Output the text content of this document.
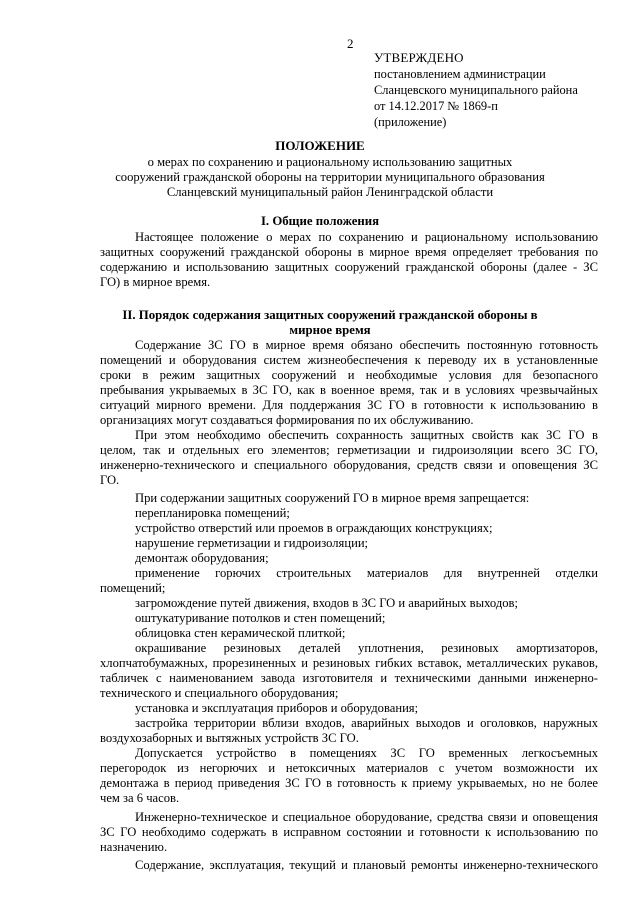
2
УТВЕРЖДЕНО
постановлением администрации
Сланцевского муниципального района
от 14.12.2017 № 1869-п
(приложение)
ПОЛОЖЕНИЕ
о мерах по сохранению и рациональному использованию защитных
сооружений гражданской обороны на территории муниципального образования
Сланцевский муниципальный район Ленинградской области
I. Общие положения
Настоящее положение о мерах по сохранению и рациональному использованию
защитных сооружений гражданской обороны в мирное время определяет требования по
содержанию и использованию защитных сооружений гражданской обороны (далее - ЗС
ГО) в мирное время.
II. Порядок содержания защитных сооружений гражданской обороны в
мирное время
Содержание ЗС ГО в мирное время обязано обеспечить постоянную готовность
помещений и оборудования систем жизнеобеспечения к переводу их в установленные
сроки в режим защитных сооружений и необходимые условия для безопасного
пребывания укрываемых в ЗС ГО, как в военное время, так и в условиях чрезвычайных
ситуаций мирного времени. Для поддержания ЗС ГО в готовности к использованию в
организациях могут создаваться формирования по их обслуживанию.
При этом необходимо обеспечить сохранность защитных свойств как ЗС ГО в
целом, так и отдельных его элементов; герметизации и гидроизоляции всего ЗС ГО,
инженерно-технического и специального оборудования, средств связи и оповещения ЗС
ГО.
При содержании защитных сооружений ГО в мирное время запрещается:
перепланировка помещений;
устройство отверстий или проемов в ограждающих конструкциях;
нарушение герметизации и гидроизоляции;
демонтаж оборудования;
применение горючих строительных материалов для внутренней отделки
помещений;
загромождение путей движения, входов в ЗС ГО и аварийных выходов;
оштукатуривание потолков и стен помещений;
облицовка стен керамической плиткой;
окрашивание резиновых деталей уплотнения, резиновых амортизаторов,
хлопчатобумажных, прорезиненных и резиновых гибких вставок, металлических рукавов,
табличек с наименованием завода изготовителя и техническими данными инженерно-
технического и специального оборудования;
установка и эксплуатация приборов и оборудования;
застройка территории вблизи входов, аварийных выходов и оголовков, наружных
воздухозаборных и вытяжных устройств ЗС ГО.
Допускается устройство в помещениях ЗС ГО временных легкосъемных
перегородок из негорючих и нетоксичных материалов с учетом возможности их
демонтажа в период приведения ЗС ГО в готовность к приему укрываемых, но не более
чем за 6 часов.
Инженерно-техническое и специальное оборудование, средства связи и оповещения
ЗС ГО необходимо содержать в исправном состоянии и готовности к использованию по
назначению.
Содержание, эксплуатация, текущий и плановый ремонты инженерно-технического
